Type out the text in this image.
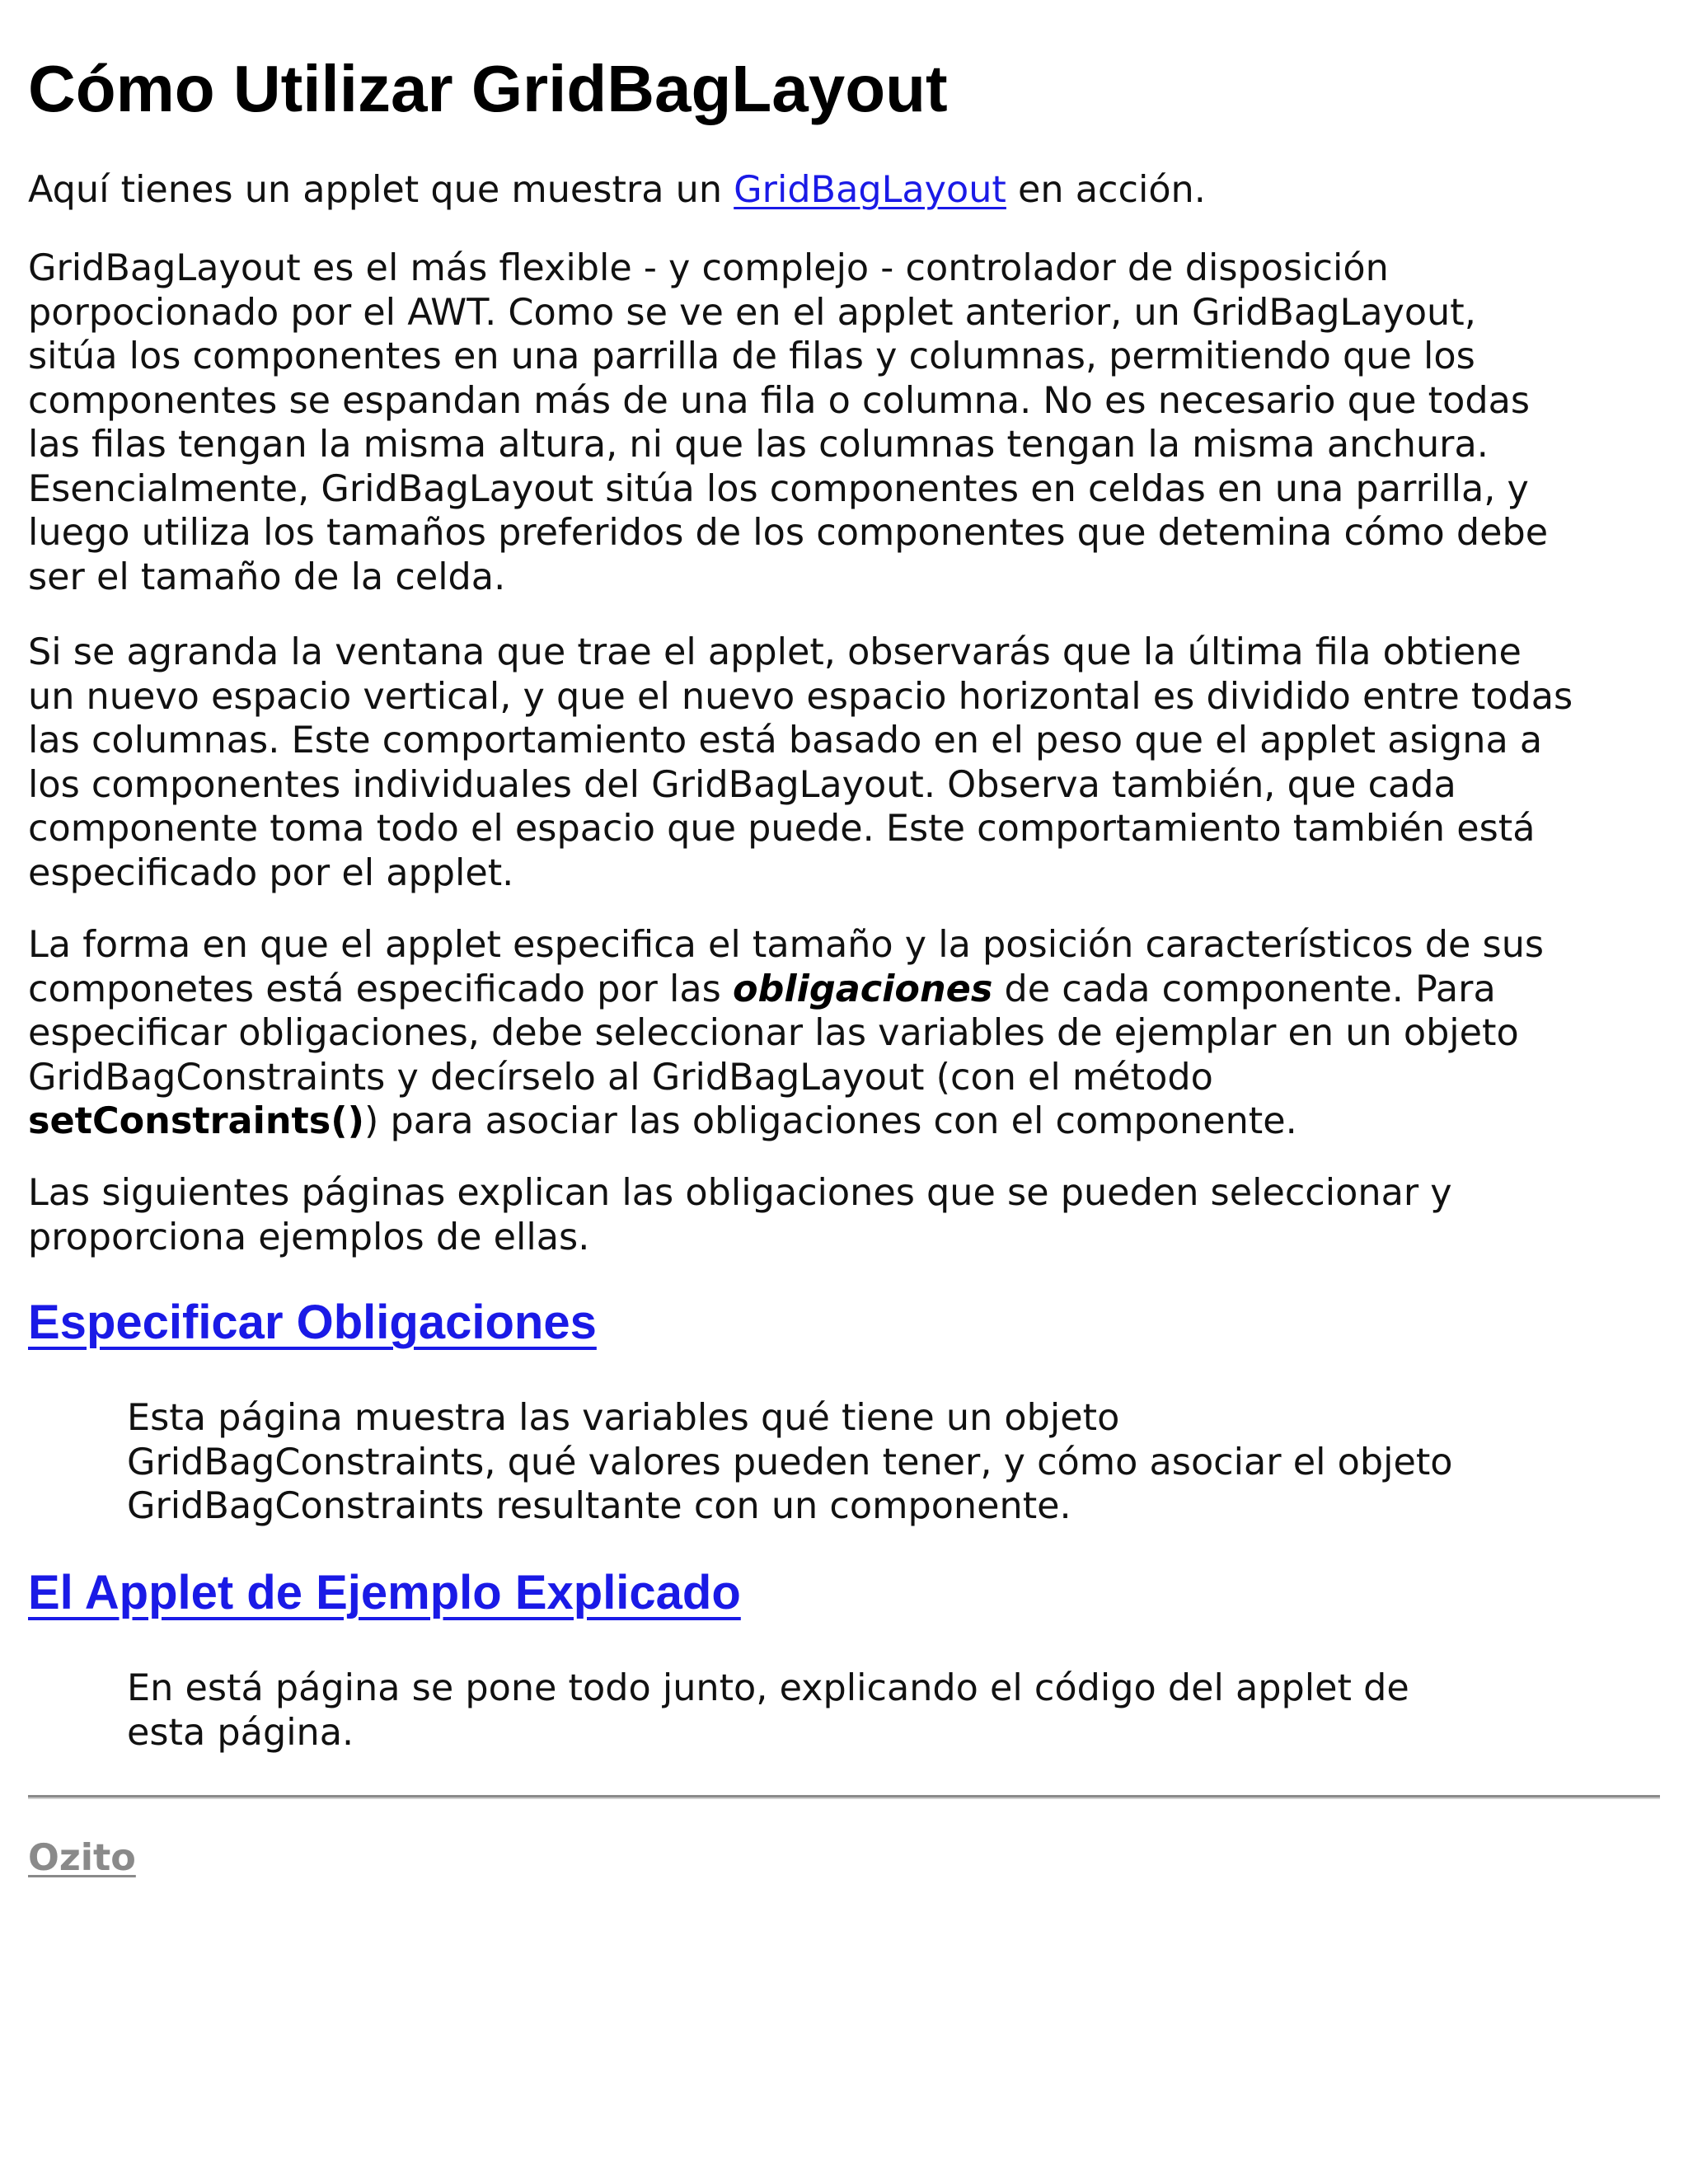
Cómo Utilizar GridBagLayout

Aquí tienes un applet que muestra un GridBagLayout en acción.

GridBagLayout es el más flexible - y complejo - controlador de disposición
porpocionado por el AWT. Como se ve en el applet anterior, un GridBagLayout,
sitúa los componentes en una parrilla de filas y columnas, permitiendo que los
componentes se espandan más de una fila o columna. No es necesario que todas
las filas tengan la misma altura, ni que las columnas tengan la misma anchura.
Esencialmente, GridBagLayout sitúa los componentes en celdas en una parrilla, y
luego utiliza los tamaños preferidos de los componentes que detemina cómo debe
ser el tamaño de la celda.

Si se agranda la ventana que trae el applet, observarás que la última fila obtiene
un nuevo espacio vertical, y que el nuevo espacio horizontal es dividido entre todas
las columnas. Este comportamiento está basado en el peso que el applet asigna a
los componentes individuales del GridBagLayout. Observa también, que cada
componente toma todo el espacio que puede. Este comportamiento también está
especificado por el applet.

La forma en que el applet especifica el tamaño y la posición característicos de sus
componetes está especificado por las obligaciones de cada componente. Para
especificar obligaciones, debe seleccionar las variables de ejemplar en un objeto
GridBagConstraints y decírselo al GridBagLayout (con el método
setConstraints()) para asociar las obligaciones con el componente.

Las siguientes páginas explican las obligaciones que se pueden seleccionar y
proporciona ejemplos de ellas.

Especificar Obligaciones

Esta página muestra las variables qué tiene un objeto
GridBagConstraints, qué valores pueden tener, y cómo asociar el objeto
GridBagConstraints resultante con un componente.

El Applet de Ejemplo Explicado

En está página se pone todo junto, explicando el código del applet de
esta página.

Ozito
